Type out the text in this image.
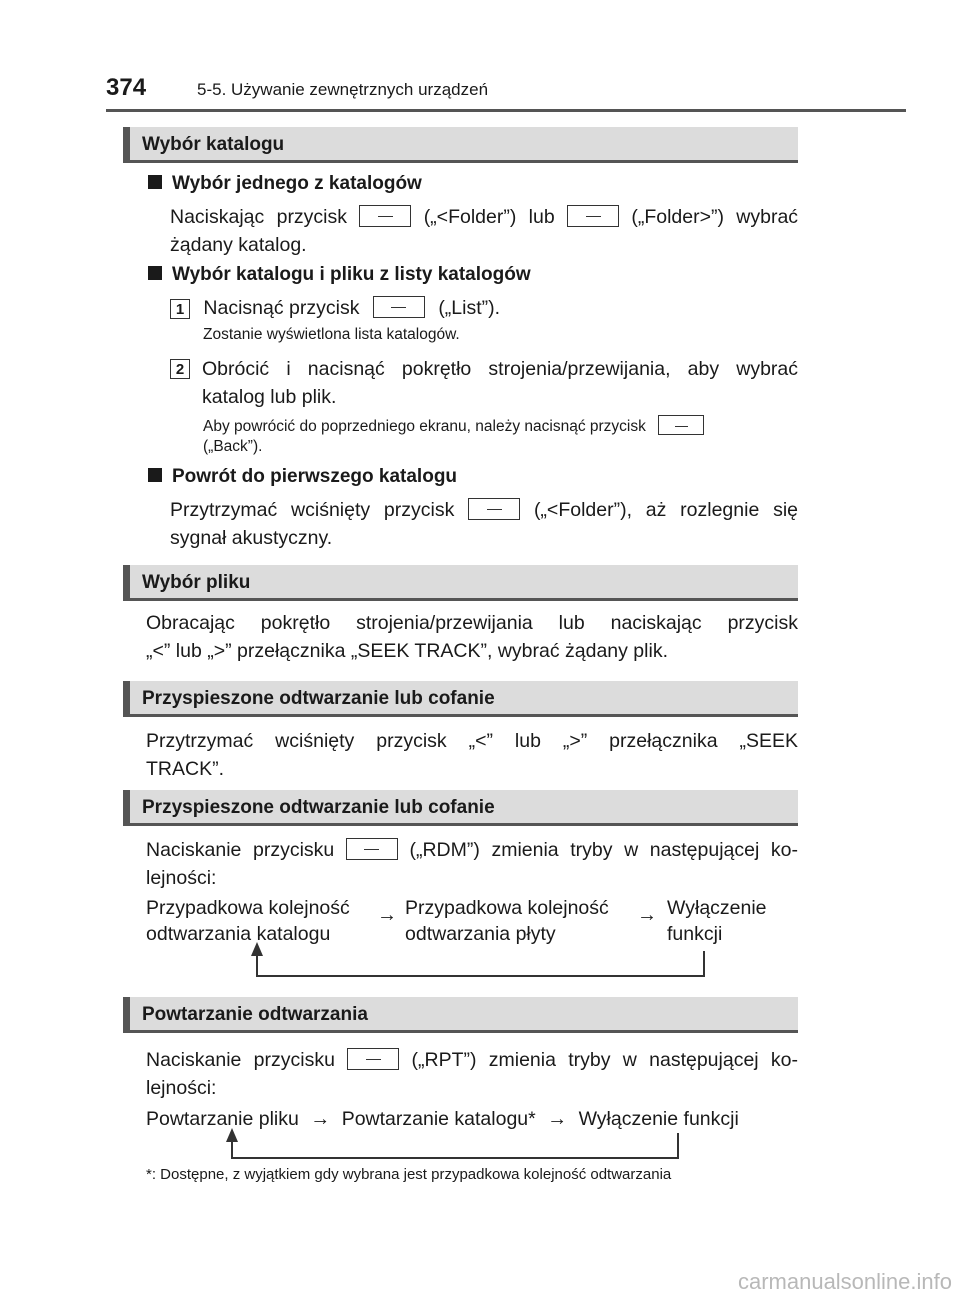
374	5-5. Używanie zewnętrznych urządzeń
Wybór katalogu
Wybór jednego z katalogów
Naciskając przycisk	(„<Folder”) lub	(„Folder>”) wybrać
żądany katalog.
Wybór katalogu i pliku z listy katalogów
1 Nacisnąć przycisk	(„List”).
Zostanie wyświetlona lista katalogów.
2 Obrócić i nacisnąć pokrętło strojenia/przewijania, aby wybrać
katalog lub plik.
Aby powrócić do poprzedniego ekranu, należy nacisnąć przycisk
(„Back”).
Powrót do pierwszego katalogu
Przytrzymać wciśnięty przycisk	(„<Folder”), aż rozlegnie się
sygnał akustyczny.
Wybór pliku
Obracając pokrętło strojenia/przewijania lub naciskając przycisk
„<” lub „>” przełącznika „SEEK TRACK”, wybrać żądany plik.
Przyspieszone odtwarzanie lub cofanie
Przytrzymać wciśnięty przycisk „<” lub „>” przełącznika „SEEK
TRACK”.
Przyspieszone odtwarzanie lub cofanie
Naciskanie przycisku	(„RDM”) zmienia tryby w następującej ko-
lejności:
Przypadkowa kolejność
odtwarzania katalogu
→ Przypadkowa kolejność
odtwarzania płyty
→ Wyłączenie
funkcji
Powtarzanie odtwarzania
Naciskanie przycisku	(„RPT”) zmienia tryby w następującej ko-
lejności:
Powtarzanie pliku → Powtarzanie katalogu* → Wyłączenie funkcji
*: Dostępne, z wyjątkiem gdy wybrana jest przypadkowa kolejność odtwarzania
carmanualsonline.info
